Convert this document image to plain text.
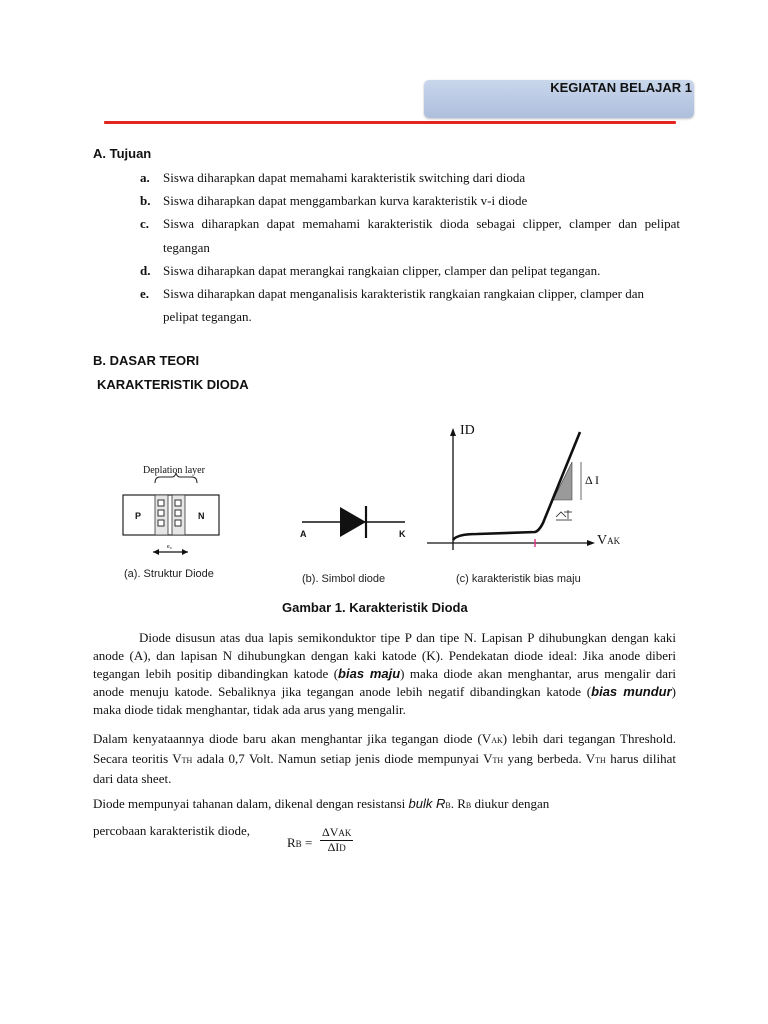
KEGIATAN BELAJAR 1
A. Tujuan
a.	Siswa diharapkan dapat memahami karakteristik switching dari dioda
b. Siswa diharapkan dapat menggambarkan kurva karakteristik v-i diode
c.	Siswa diharapkan dapat memahami karakteristik dioda sebagai clipper, clamper dan pelipat tegangan
d. Siswa diharapkan dapat merangkai rangkaian clipper, clamper dan pelipat tegangan.
e.	Siswa diharapkan dapat menganalisis karakteristik rangkaian rangkaian clipper, clamper dan pelipat tegangan.
B. DASAR TEORI
KARAKTERISTIK DIODA
e₀
Deplation layer
P	N
(a). Struktur Diode
A	K
(b). Simbol diode
ID
Δ I
VAK
(c) karakteristik bias maju
Gambar 1. Karakteristik Dioda
Diode disusun atas dua lapis semikonduktor tipe P dan tipe N. Lapisan P dihubungkan dengan kaki anode (A), dan lapisan N dihubungkan dengan kaki katode (K). Pendekatan diode ideal: Jika anode diberi tegangan lebih positip dibandingkan katode (bias maju) maka diode akan menghantar, arus mengalir dari anode menuju katode. Sebaliknya jika tegangan anode lebih negatif dibandingkan katode (bias mundur) maka diode tidak menghantar, tidak ada arus yang mengalir.
Dalam kenyataannya diode baru akan menghantar jika tegangan diode (VAK) lebih dari tegangan Threshold. Secara teoritis VTH adala 0,7 Volt. Namun setiap jenis diode mempunyai VTH yang berbeda. VTH harus dilihat dari data sheet.
Diode mempunyai tahanan dalam, dikenal dengan resistansi bulk RB. RB diukur dengan
percobaan karakteristik diode,
RB =
ΔVAK
ΔID
